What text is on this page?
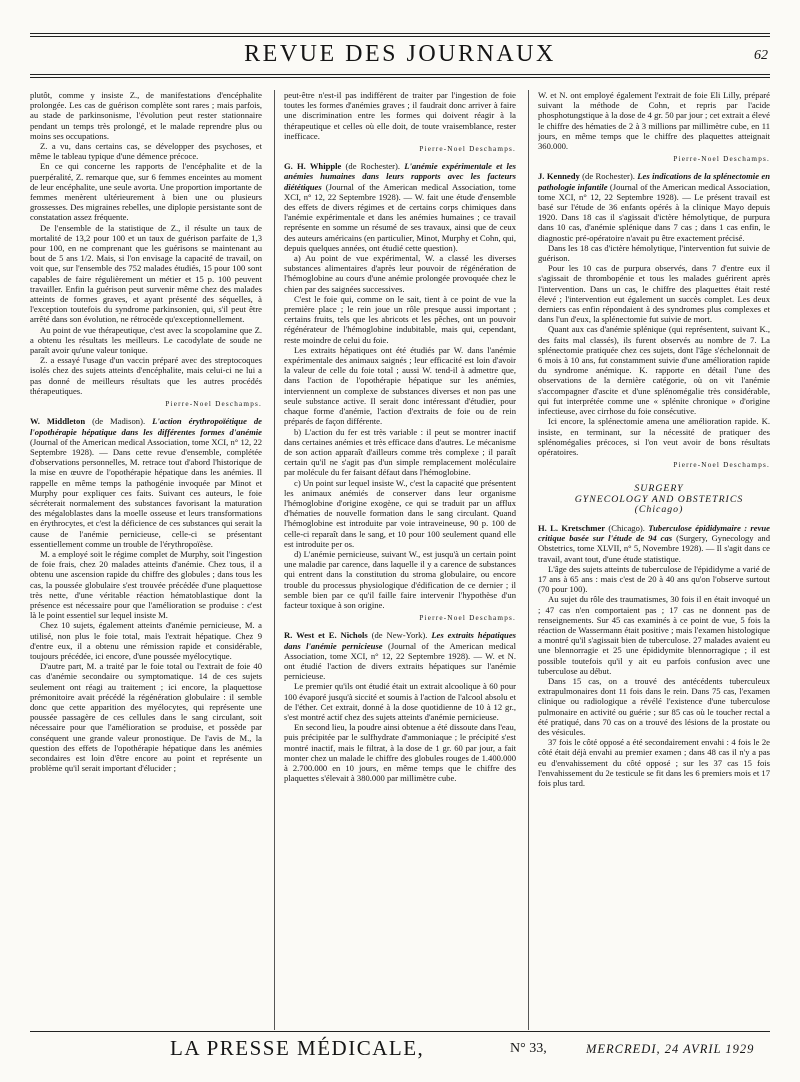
REVUE DES JOURNAUX	62

plutôt, comme y insiste Z., de manifestations d'encéphalite prolongée. Les cas de guérison complète sont rares ; mais parfois, au stade de parkinsonisme, l'évolution peut rester stationnaire pendant un temps très prolongé, et le malade reprendre plus ou moins ses occupations.

Z. a vu, dans certains cas, se développer des psychoses, et même le tableau typique d'une démence précoce.

En ce qui concerne les rapports de l'encéphalite et de la puerpéralité, Z. remarque que, sur 6 femmes enceintes au moment de leur encéphalite, une seule avorta. Une proportion importante de femmes menèrent ultérieurement à bien une ou plusieurs grossesses. Des migraines rebelles, une diplopie persistante sont de constatation assez fréquente.

De l'ensemble de la statistique de Z., il résulte un taux de mortalité de 13,2 pour 100 et un taux de guérison parfaite de 1,3 pour 100, en ne comprenant que les guérisons se maintenant au bout de 5 ans 1/2. Mais, si l'on envisage la capacité de travail, on voit que, sur l'ensemble des 752 malades étudiés, 15 pour 100 sont capables de faire régulièrement un métier et 15 p. 100 peuvent travailler. Enfin la guérison peut survenir même chez des malades atteints de formes graves, et ayant présenté des séquelles, à l'exception toutefois du syndrome parkinsonien, qui, s'il peut être arrêté dans son évolution, ne rétrocède qu'exceptionnellement.

Au point de vue thérapeutique, c'est avec la scopolamine que Z. a obtenu les résultats les meilleurs. Le cacodylate de soude ne paraît avoir qu'une valeur tonique.

Z. a essayé l'usage d'un vaccin préparé avec des streptocoques isolés chez des sujets atteints d'encéphalite, mais celui-ci ne lui a pas donné de meilleurs résultats que les autres procédés thérapeutiques.

Pierre-Noel Deschamps.

W. Middleton (de Madison). L'action érythropoïétique de l'opothérapie hépatique dans les différentes formes d'anémie (Journal of the American medical Association, tome XCI, n° 12, 22 Septembre 1928). — Dans cette revue d'ensemble, complétée d'observations personnelles, M. retrace tout d'abord l'historique de la mise en œuvre de l'opothérapie hépatique dans les anémies. Il rappelle en même temps la pathogénie invoquée par Minot et Murphy pour expliquer ces faits. Suivant ces auteurs, le foie sécréterait normalement des substances favorisant la maturation des mégaloblastes dans la moelle osseuse et leurs transformations en érythrocytes, et c'est la déficience de ces substances qui serait la cause de l'anémie pernicieuse, celle-ci se présentant essentiellement comme un trouble de l'érythropoïèse.

M. a employé soit le régime complet de Murphy, soit l'ingestion de foie frais, chez 20 malades atteints d'anémie. Chez tous, il a obtenu une ascension rapide du chiffre des globules ; dans tous les cas, la poussée globulaire s'est trouvée précédée d'une plaquettose très nette, d'une véritable réaction hématoblastique dont la présence est nécessaire pour que l'amélioration se produise : c'est là le point essentiel sur lequel insiste M.

Chez 10 sujets, également atteints d'anémie pernicieuse, M. a utilisé, non plus le foie total, mais l'extrait hépatique. Chez 9 d'entre eux, il a obtenu une rémission rapide et considérable, toujours précédée, ici encore, d'une poussée myélocytique.

D'autre part, M. a traité par le foie total ou l'extrait de foie 40 cas d'anémie secondaire ou symptomatique. 14 de ces sujets seulement ont réagi au traitement ; ici encore, la plaquettose prémonitoire avait précédé la régénération globulaire : il semble donc que cette apparition des myélocytes, qui représente une poussée passagère de ces cellules dans le sang circulant, soit nécessaire pour que l'amélioration se produise, et possède par conséquent une grande valeur pronostique. De l'avis de M., la question des effets de l'opothérapie hépatique dans les anémies secondaires est loin d'être encore au point et représente un problème qu'il serait important d'élucider ;

peut-être n'est-il pas indifférent de traiter par l'ingestion de foie toutes les formes d'anémies graves ; il faudrait donc arriver à faire une discrimination entre les formes qui doivent réagir à la thérapeutique et celles où elle doit, de toute vraisemblance, rester inefficace.

Pierre-Noel Deschamps.

G. H. Whipple (de Rochester). L'anémie expérimentale et les anémies humaines dans leurs rapports avec les facteurs diététiques (Journal of the American medical Association, tome XCI, n° 12, 22 Septembre 1928). — W. fait une étude d'ensemble des effets de divers régimes et de certains corps chimiques dans l'anémie expérimentale et dans les anémies humaines ; ce travail représente en somme un résumé de ses travaux, ainsi que de ceux des auteurs américains (en particulier, Minot, Murphy et Cohn, qui, depuis quelques années, ont étudié cette question).

a) Au point de vue expérimental, W. a classé les diverses substances alimentaires d'après leur pouvoir de régénération de l'hémoglobine au cours d'une anémie prolongée provoquée chez le chien par des saignées successives.

C'est le foie qui, comme on le sait, tient à ce point de vue la première place ; le rein joue un rôle presque aussi important ; certains fruits, tels que les abricots et les pêches, ont un pouvoir régénérateur de l'hémoglobine indubitable, mais qui, cependant, reste moindre de celui du foie.

Les extraits hépatiques ont été étudiés par W. dans l'anémie expérimentale des animaux saignés ; leur efficacité est loin d'avoir la valeur de celle du foie total ; aussi W. tend-il à admettre que, dans l'action de l'opothérapie hépatique sur les anémies, interviennent un complexe de substances diverses et non pas une seule substance active. Il serait donc intéressant d'étudier, pour chaque forme d'anémie, l'action d'extraits de foie ou de rein préparés de façon différente.

b) L'action du fer est très variable : il peut se montrer inactif dans certaines anémies et très efficace dans d'autres. Le mécanisme de son action apparaît d'ailleurs comme très complexe ; il paraît certain qu'il ne s'agit pas d'un simple remplacement moléculaire par molécule du fer faisant défaut dans l'hémoglobine.

c) Un point sur lequel insiste W., c'est la capacité que présentent les animaux anémiés de conserver dans leur organisme l'hémoglobine d'origine exogène, ce qui se traduit par un afflux d'hématies de nouvelle formation dans le sang circulant. Quand l'hémoglobine est introduite par voie intraveineuse, 90 p. 100 de celle-ci reparaît dans le sang, et 10 pour 100 seulement quand elle est introduite per os.

d) L'anémie pernicieuse, suivant W., est jusqu'à un certain point une maladie par carence, dans laquelle il y a carence de substances qui entrent dans la constitution du stroma globulaire, ou encore trouble du processus physiologique d'édification de ce dernier ; il semble bien par ce qu'il faille faire intervenir l'hypothèse d'un facteur toxique à son origine.

Pierre-Noel Deschamps.

R. West et E. Nichols (de New-York). Les extraits hépatiques dans l'anémie pernicieuse (Journal of the American medical Association, tome XCI, n° 12, 22 Septembre 1928). — W. et N. ont étudié l'action de divers extraits hépatiques sur l'anémie pernicieuse.

Le premier qu'ils ont étudié était un extrait alcoolique à 60 pour 100 évaporé jusqu'à siccité et soumis à l'action de l'alcool absolu et de l'éther. Cet extrait, donné à la dose quotidienne de 10 à 12 gr., s'est montré actif chez des sujets atteints d'anémie pernicieuse.

En second lieu, la poudre ainsi obtenue a été dissoute dans l'eau, puis précipitée par le sulfhydrate d'ammoniaque ; le précipité s'est montré inactif, mais le filtrat, à la dose de 1 gr. 60 par jour, a fait monter chez un malade le chiffre des globules rouges de 1.400.000 à 2.700.000 en 10 jours, en même temps que le chiffre des plaquettes s'élevait à 380.000 par millimètre cube.

W. et N. ont employé également l'extrait de foie Eli Lilly, préparé suivant la méthode de Cohn, et repris par l'acide phosphotungstique à la dose de 4 gr. 50 par jour ; cet extrait a élevé le chiffre des hématies de 2 à 3 millions par millimètre cube, en 11 jours, en même temps que le chiffre des plaquettes atteignait 360.000.

Pierre-Noel Deschamps.

J. Kennedy (de Rochester). Les indications de la splénectomie en pathologie infantile (Journal of the American medical Association, tome XCI, n° 12, 22 Septembre 1928). — Le présent travail est basé sur l'étude de 36 enfants opérés à la clinique Mayo depuis 1920. Dans 18 cas il s'agissait d'ictère hémolytique, de purpura dans 10 cas, d'anémie splénique dans 7 cas ; dans 1 cas enfin, le diagnostic pré-opératoire n'avait pu être exactement précisé.

Dans les 18 cas d'ictère hémolytique, l'intervention fut suivie de guérison.

Pour les 10 cas de purpura observés, dans 7 d'entre eux il s'agissait de thrombopénie et tous les malades guérirent après l'intervention. Dans un cas, le chiffre des plaquettes était resté élevé ; l'intervention eut également un succès complet. Les deux derniers cas enfin répondaient à des syndromes plus complexes et dans l'un d'eux, la splénectomie fut suivie de mort.

Quant aux cas d'anémie splénique (qui représentent, suivant K., des faits mal classés), ils furent observés au nombre de 7. La splénectomie pratiquée chez ces sujets, dont l'âge s'échelonnait de 6 mois à 10 ans, fut constamment suivie d'une amélioration rapide du syndrome anémique. K. rapporte en détail l'une des observations de la dernière catégorie, où on vit l'anémie s'accompagner d'ascite et d'une splénomégalie très considérable, qui fut interprétée comme une « splénite chronique » d'origine infectieuse, avec cirrhose du foie consécutive.

Ici encore, la splénectomie amena une amélioration rapide. K. insiste, en terminant, sur la nécessité de pratiquer des splénomégalies précoces, si l'on veut avoir de bons résultats opératoires.

Pierre-Noel Deschamps.

SURGERY

GYNECOLOGY AND OBSTETRICS

(Chicago)

H. L. Kretschmer (Chicago). Tuberculose épididymaire : revue critique basée sur l'étude de 94 cas (Surgery, Gynecology and Obstetrics, tome XLVII, n° 5, Novembre 1928). — Il s'agit dans ce travail, avant tout, d'une étude statistique.

L'âge des sujets atteints de tuberculose de l'épididyme a varié de 17 ans à 65 ans : mais c'est de 20 à 40 ans qu'on l'observe surtout (70 pour 100).

Au sujet du rôle des traumatismes, 30 fois il en était invoqué un ; 47 cas n'en comportaient pas ; 17 cas ne donnent pas de renseignements. Sur 45 cas examinés à ce point de vue, 5 fois la réaction de Wassermann était positive ; mais l'examen histologique a montré qu'il s'agissait bien de tuberculose. 27 malades avaient eu une blennorragie et 25 une épididymite blennorragique ; il est possible toutefois qu'il y ait eu parfois confusion avec une tuberculose au début.

Dans 15 cas, on a trouvé des antécédents tuberculeux extrapulmonaires dont 11 fois dans le rein. Dans 75 cas, l'examen clinique ou radiologique a révélé l'existence d'une tuberculose pulmonaire en activité ou guérie ; sur 85 cas où le toucher rectal a été pratiqué, dans 70 cas on a trouvé des lésions de la prostate ou des vésicules.

37 fois le côté opposé a été secondairement envahi : 4 fois le 2e côté était déjà envahi au premier examen ; dans 48 cas il n'y a pas eu d'envahissement du côté opposé ; sur les 37 cas 15 fois l'envahissement du 2e testicule se fit dans les 6 premiers mois et 17 fois plus tard.

LA PRESSE MÉDICALE,	N° 33,	MERCREDI, 24 AVRIL 1929
